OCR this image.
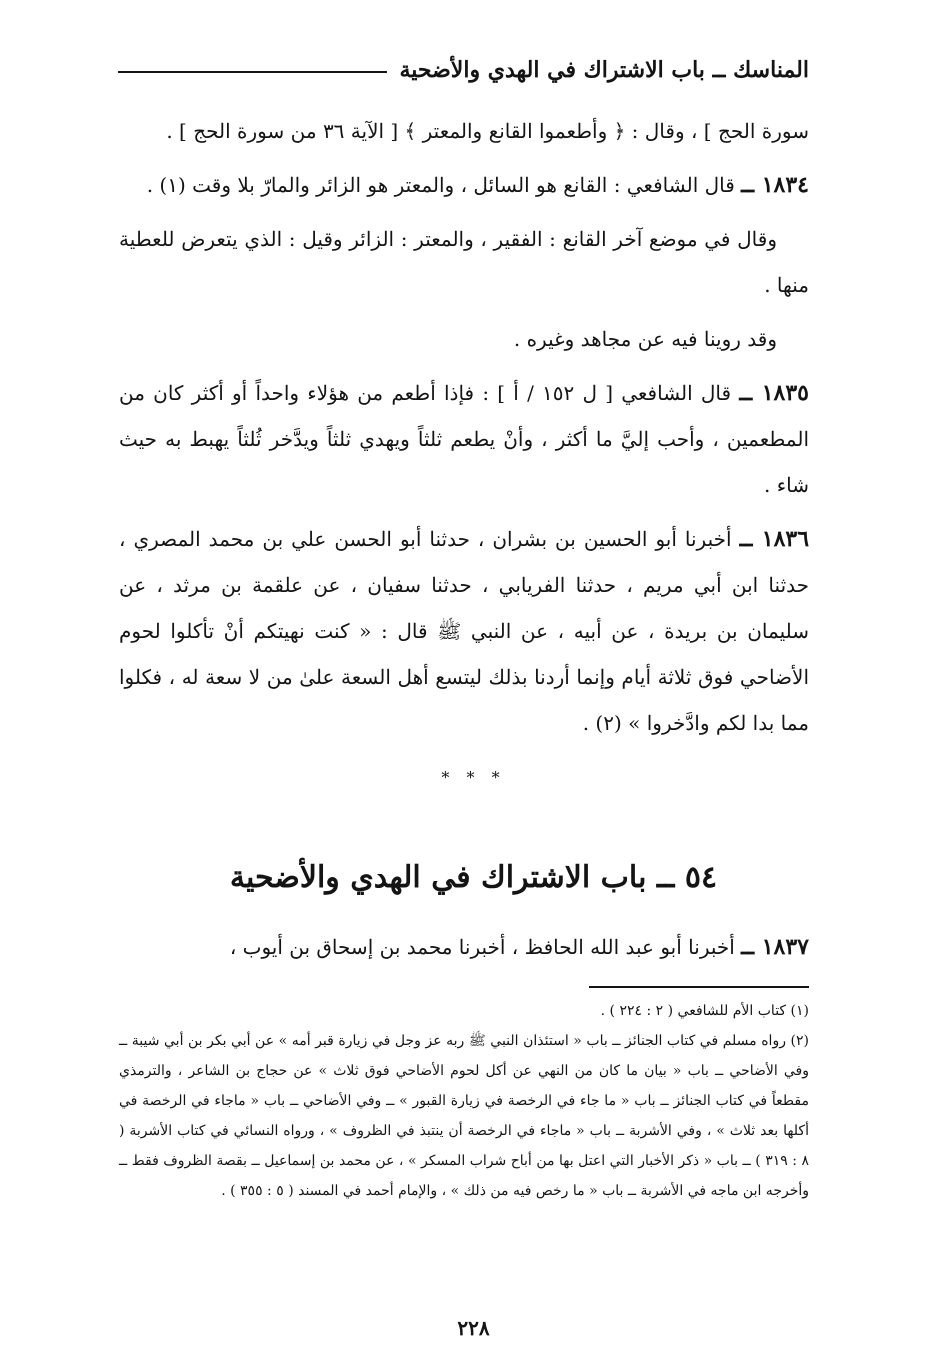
المناسك ــ باب الاشتراك في الهدي والأضحية

سورة الحج ] ، وقال : ﴿ وأطعموا القانع والمعتر ﴾ [ الآية ٣٦ من سورة الحج ] .

١٨٣٤ ــ قال الشافعي : القانع هو السائل ، والمعتر هو الزائر والمارّ بلا وقت (١) .

وقال في موضع آخر القانع : الفقير ، والمعتر : الزائر وقيل : الذي يتعرض للعطية منها .

وقد روينا فيه عن مجاهد وغيره .

١٨٣٥ ــ قال الشافعي [ ل ١٥٢ / أ ] : فإذا أطعم من هؤلاء واحداً أو أكثر كان من المطعمين ، وأحب إليَّ ما أكثر ، وأنْ يطعم ثلثاً ويهدي ثلثاً ويدَّخر ثُلثاً يهبط به حيث شاء .

١٨٣٦ ــ أخبرنا أبو الحسين بن بشران ، حدثنا أبو الحسن علي بن محمد المصري ، حدثنا ابن أبي مريم ، حدثنا الفريابي ، حدثنا سفيان ، عن علقمة بن مرثد ، عن سليمان بن بريدة ، عن أبيه ، عن النبي ﷺ قال : « كنت نهيتكم أنْ تأكلوا لحوم الأضاحي فوق ثلاثة أيام وإنما أردنا بذلك ليتسع أهل السعة علىٰ من لا سعة له ، فكلوا مما بدا لكم وادَّخروا » (٢) .

* * *
٥٤ ــ باب الاشتراك في الهدي والأضحية
١٨٣٧ ــ أخبرنا أبو عبد الله الحافظ ، أخبرنا محمد بن إسحاق بن أيوب ،

(١) كتاب الأم للشافعي ( ٢ : ٢٢٤ ) .

(٢) رواه مسلم في كتاب الجنائز ــ باب « استئذان النبي ﷺ ربه عز وجل في زيارة قبر أمه » عن أبي بكر بن أبي شيبة ــ وفي الأضاحي ــ باب « بيان ما كان من النهي عن أكل لحوم الأضاحي فوق ثلاث » عن حجاج بن الشاعر ، والترمذي مقطعاً في كتاب الجنائز ــ باب « ما جاء في الرخصة في زيارة القبور » ــ وفي الأضاحي ــ باب « ماجاء في الرخصة في أكلها بعد ثلاث » ، وفي الأشربة ــ باب « ماجاء في الرخصة أن ينتبذ في الظروف » ، ورواه النسائي في كتاب الأشربة ( ٨ : ٣١٩ ) ــ باب « ذكر الأخبار التي اعتل بها من أباح شراب المسكر » ، عن محمد بن إسماعيل ــ بقصة الظروف فقط ــ وأخرجه ابن ماجه في الأشربة ــ باب « ما رخص فيه من ذلك » ، والإمام أحمد في المسند ( ٥ : ٣٥٥ ) .

٢٢٨
